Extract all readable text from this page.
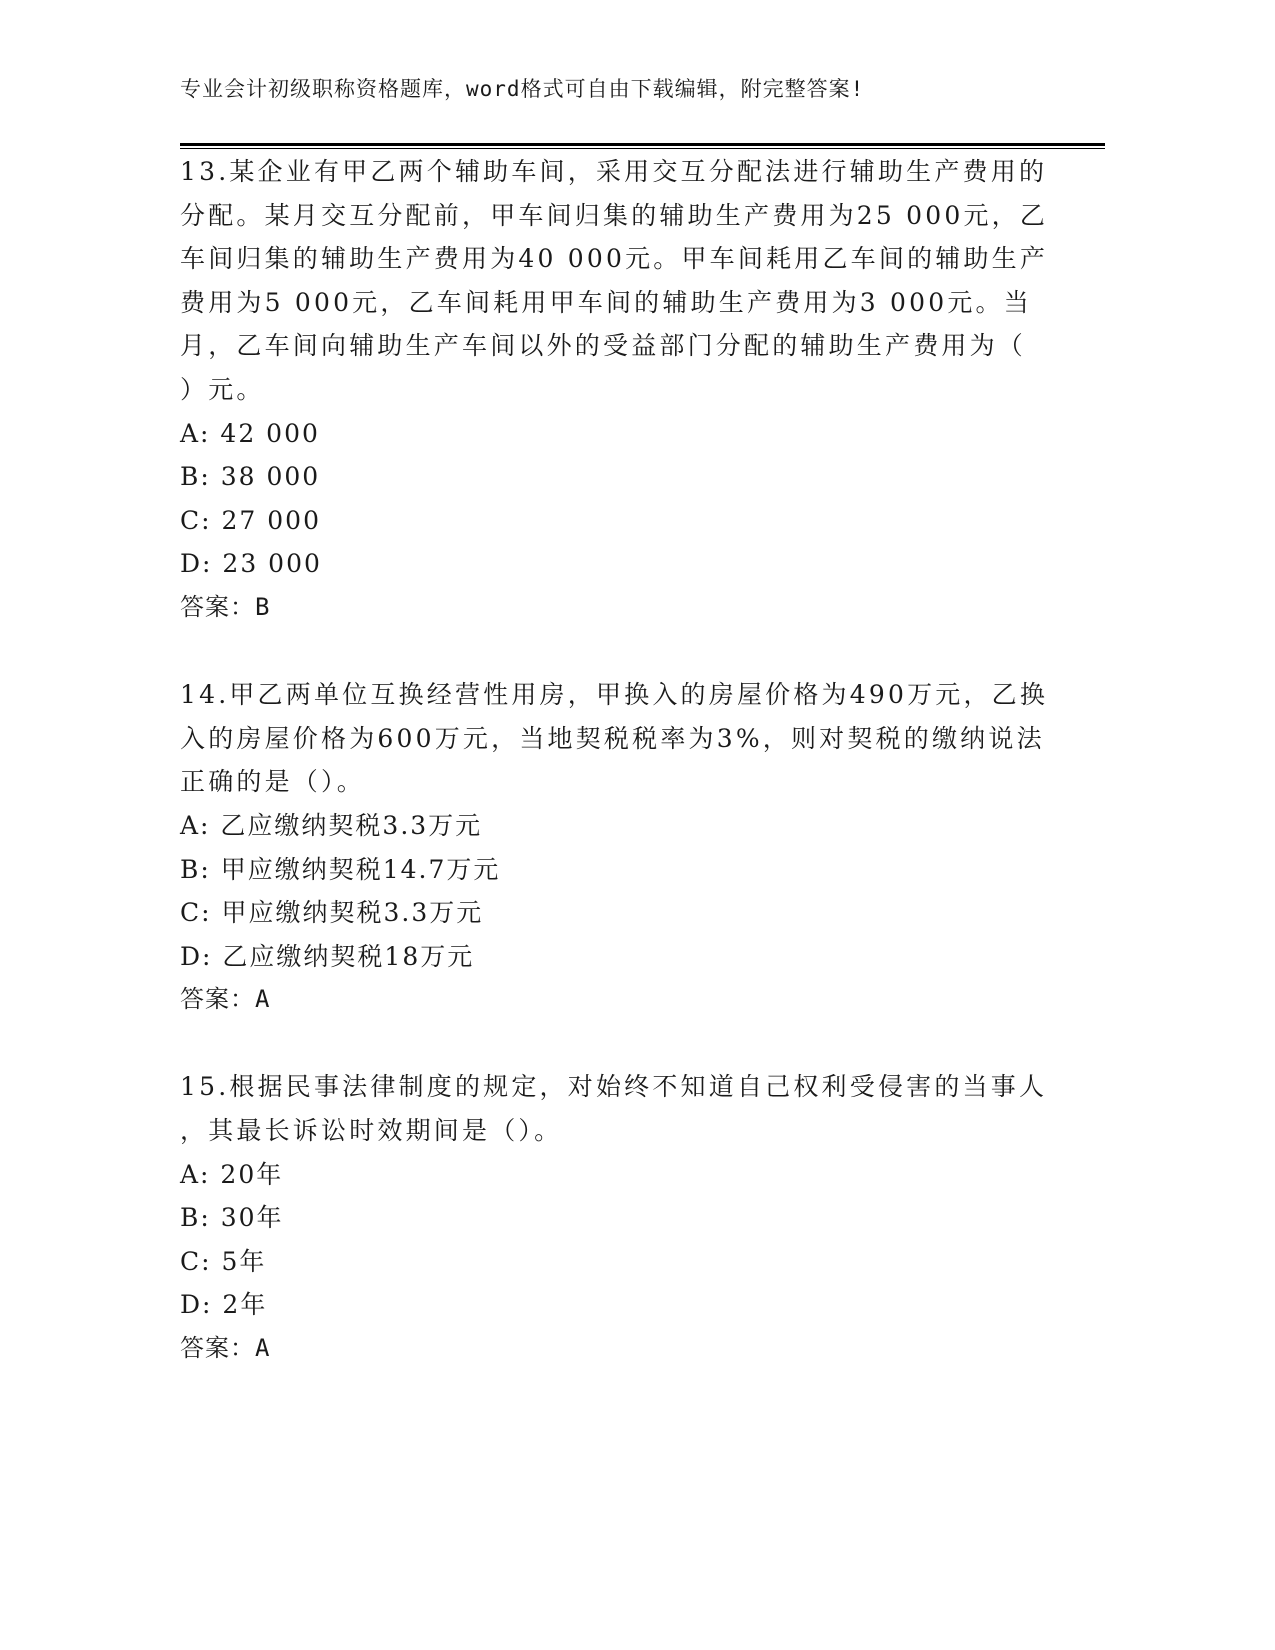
专业会计初级职称资格题库，word格式可自由下载编辑，附完整答案!
13.某企业有甲乙两个辅助车间，采用交互分配法进行辅助生产费用的
分配。某月交互分配前，甲车间归集的辅助生产费用为25 000元，乙
车间归集的辅助生产费用为40 000元。甲车间耗用乙车间的辅助生产
费用为5 000元，乙车间耗用甲车间的辅助生产费用为3 000元。当
月，乙车间向辅助生产车间以外的受益部门分配的辅助生产费用为（
）元。
A: 42 000
B: 38 000
C: 27 000
D: 23 000
答案：B
14.甲乙两单位互换经营性用房，甲换入的房屋价格为490万元，乙换
入的房屋价格为600万元，当地契税税率为3%，则对契税的缴纳说法
正确的是（）。
A: 乙应缴纳契税3.3万元
B: 甲应缴纳契税14.7万元
C: 甲应缴纳契税3.3万元
D: 乙应缴纳契税18万元
答案：A
15.根据民事法律制度的规定，对始终不知道自己权利受侵害的当事人
，其最长诉讼时效期间是（）。
A: 20年
B: 30年
C: 5年
D: 2年
答案：A
